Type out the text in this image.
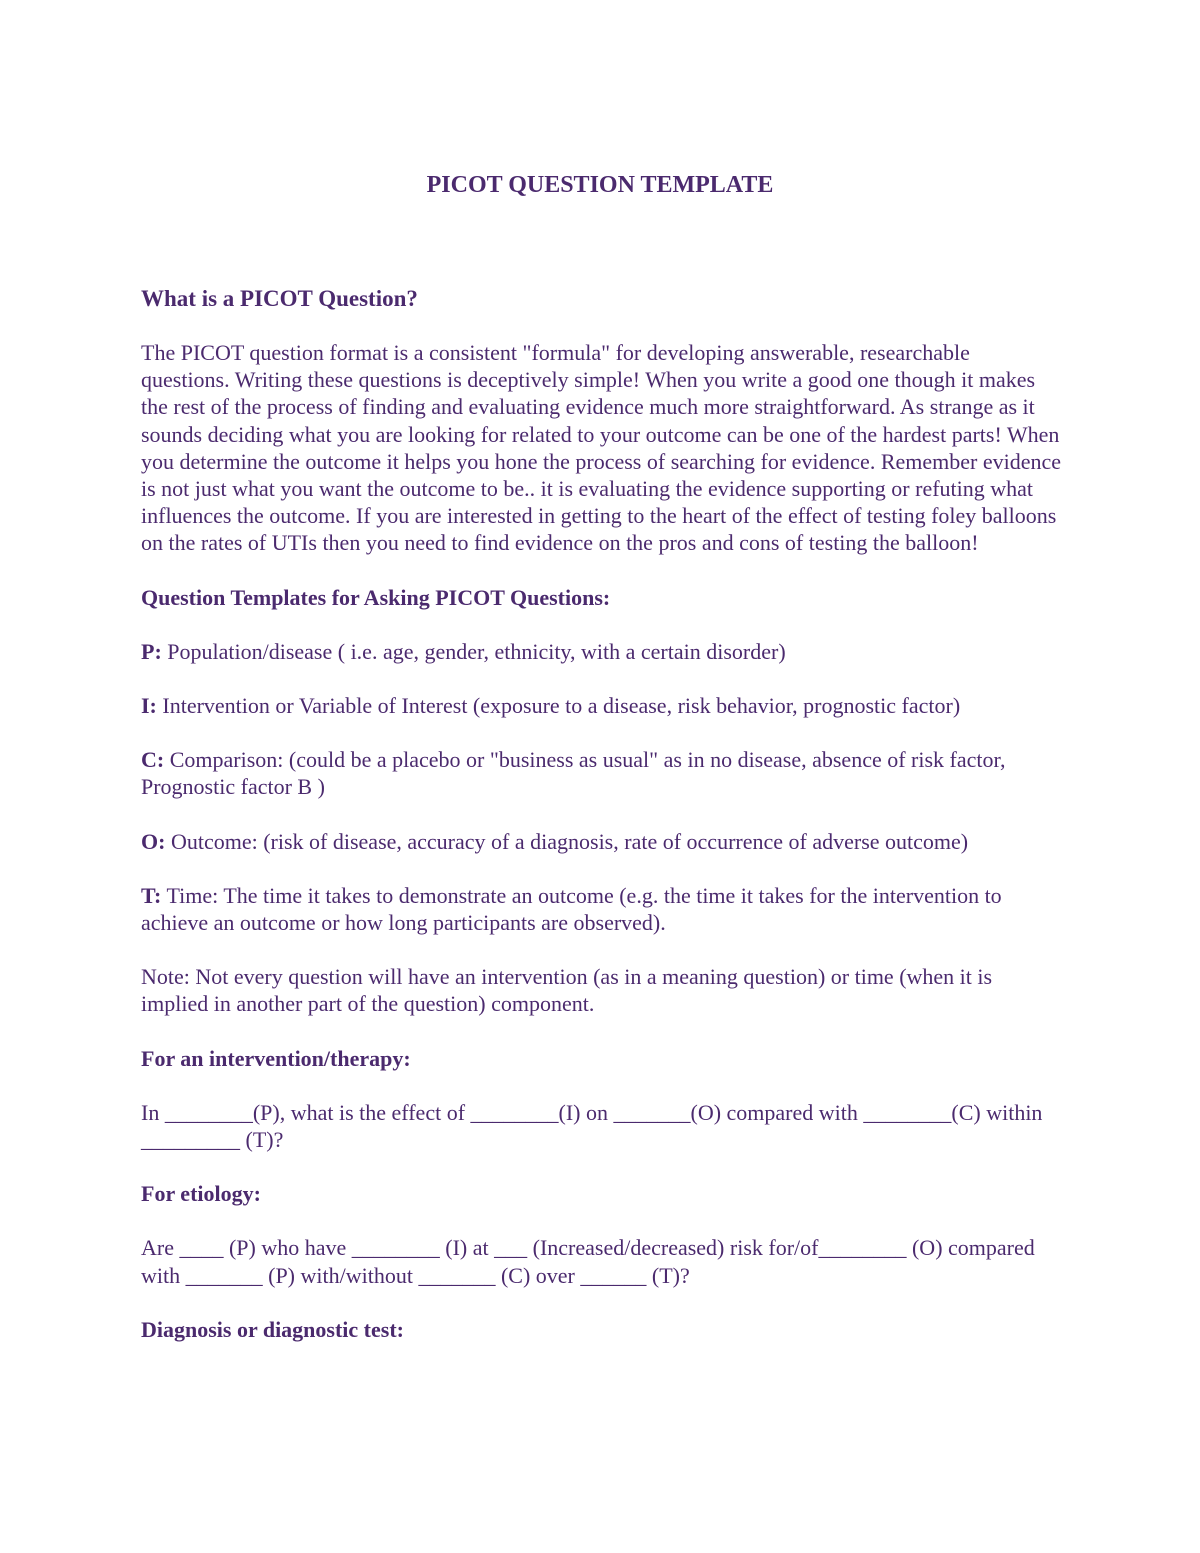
PICOT QUESTION TEMPLATE

What is a PICOT Question?

The PICOT question format is a consistent "formula" for developing answerable, researchable questions. Writing these questions is deceptively simple! When you write a good one though it makes the rest of the process of finding and evaluating evidence much more straightforward. As strange as it sounds deciding what you are looking for related to your outcome can be one of the hardest parts! When you determine the outcome it helps you hone the process of searching for evidence. Remember evidence is not just what you want the outcome to be.. it is evaluating the evidence supporting or refuting what influences the outcome. If you are interested in getting to the heart of the effect of testing foley balloons on the rates of UTIs then you need to find evidence on the pros and cons of testing the balloon!

Question Templates for Asking PICOT Questions:

P: Population/disease ( i.e. age, gender, ethnicity, with a certain disorder)

I: Intervention or Variable of Interest (exposure to a disease, risk behavior, prognostic factor)

C: Comparison: (could be a placebo or "business as usual" as in no disease, absence of risk factor, Prognostic factor B )

O: Outcome: (risk of disease, accuracy of a diagnosis, rate of occurrence of adverse outcome)

T: Time: The time it takes to demonstrate an outcome (e.g. the time it takes for the intervention to achieve an outcome or how long participants are observed).

Note: Not every question will have an intervention (as in a meaning question) or time (when it is implied in another part of the question) component.

For an intervention/therapy:

In ________(P), what is the effect of ________(I) on _______(O) compared with ________(C) within _________ (T)?

For etiology:

Are ____ (P) who have ________ (I) at ___ (Increased/decreased) risk for/of________ (O) compared with _______ (P) with/without _______ (C) over ______ (T)?

Diagnosis or diagnostic test:
